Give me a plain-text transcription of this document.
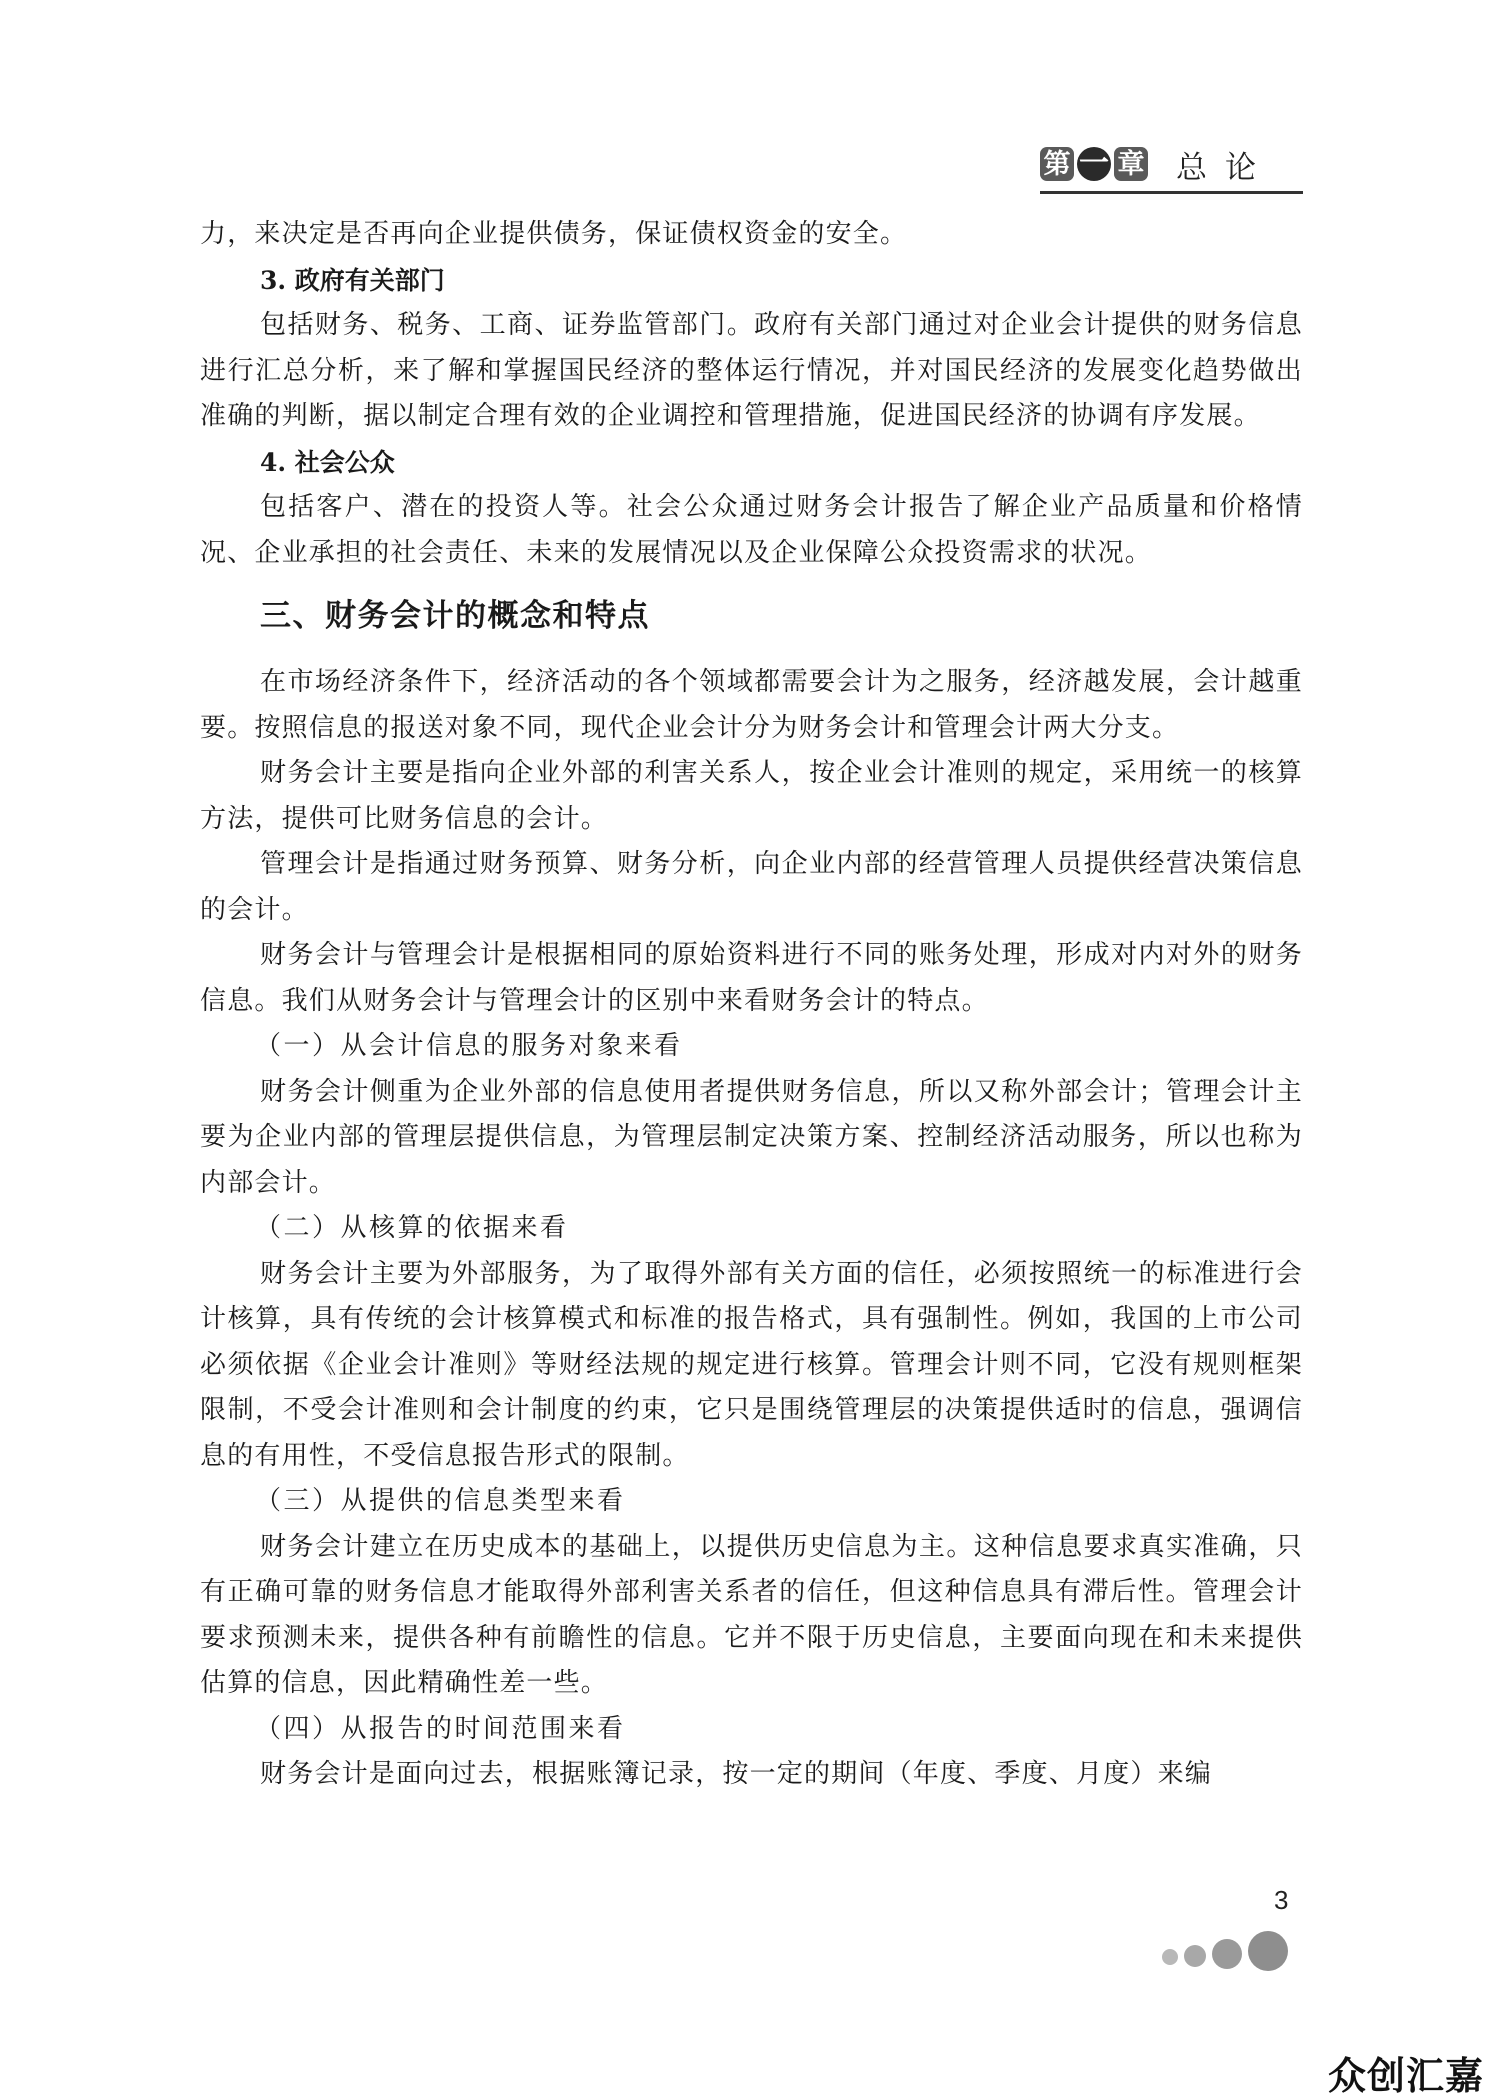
第 一 章 总论

力，来决定是否再向企业提供债务，保证债权资金的安全。

3. 政府有关部门

包括财务、税务、工商、证券监管部门。政府有关部门通过对企业会计提供的财务信息进行汇总分析，来了解和掌握国民经济的整体运行情况，并对国民经济的发展变化趋势做出准确的判断，据以制定合理有效的企业调控和管理措施，促进国民经济的协调有序发展。

4. 社会公众

包括客户、潜在的投资人等。社会公众通过财务会计报告了解企业产品质量和价格情况、企业承担的社会责任、未来的发展情况以及企业保障公众投资需求的状况。

三、财务会计的概念和特点

在市场经济条件下，经济活动的各个领域都需要会计为之服务，经济越发展，会计越重要。按照信息的报送对象不同，现代企业会计分为财务会计和管理会计两大分支。

财务会计主要是指向企业外部的利害关系人，按企业会计准则的规定，采用统一的核算方法，提供可比财务信息的会计。

管理会计是指通过财务预算、财务分析，向企业内部的经营管理人员提供经营决策信息的会计。

财务会计与管理会计是根据相同的原始资料进行不同的账务处理，形成对内对外的财务信息。我们从财务会计与管理会计的区别中来看财务会计的特点。

（一）从会计信息的服务对象来看

财务会计侧重为企业外部的信息使用者提供财务信息，所以又称外部会计；管理会计主要为企业内部的管理层提供信息，为管理层制定决策方案、控制经济活动服务，所以也称为内部会计。

（二）从核算的依据来看

财务会计主要为外部服务，为了取得外部有关方面的信任，必须按照统一的标准进行会计核算，具有传统的会计核算模式和标准的报告格式，具有强制性。例如，我国的上市公司必须依据《企业会计准则》等财经法规的规定进行核算。管理会计则不同，它没有规则框架限制，不受会计准则和会计制度的约束，它只是围绕管理层的决策提供适时的信息，强调信息的有用性，不受信息报告形式的限制。

（三）从提供的信息类型来看

财务会计建立在历史成本的基础上，以提供历史信息为主。这种信息要求真实准确，只有正确可靠的财务信息才能取得外部利害关系者的信任，但这种信息具有滞后性。管理会计要求预测未来，提供各种有前瞻性的信息。它并不限于历史信息，主要面向现在和未来提供估算的信息，因此精确性差一些。

（四）从报告的时间范围来看

财务会计是面向过去，根据账簿记录，按一定的期间（年度、季度、月度）来编

3
众创汇嘉
